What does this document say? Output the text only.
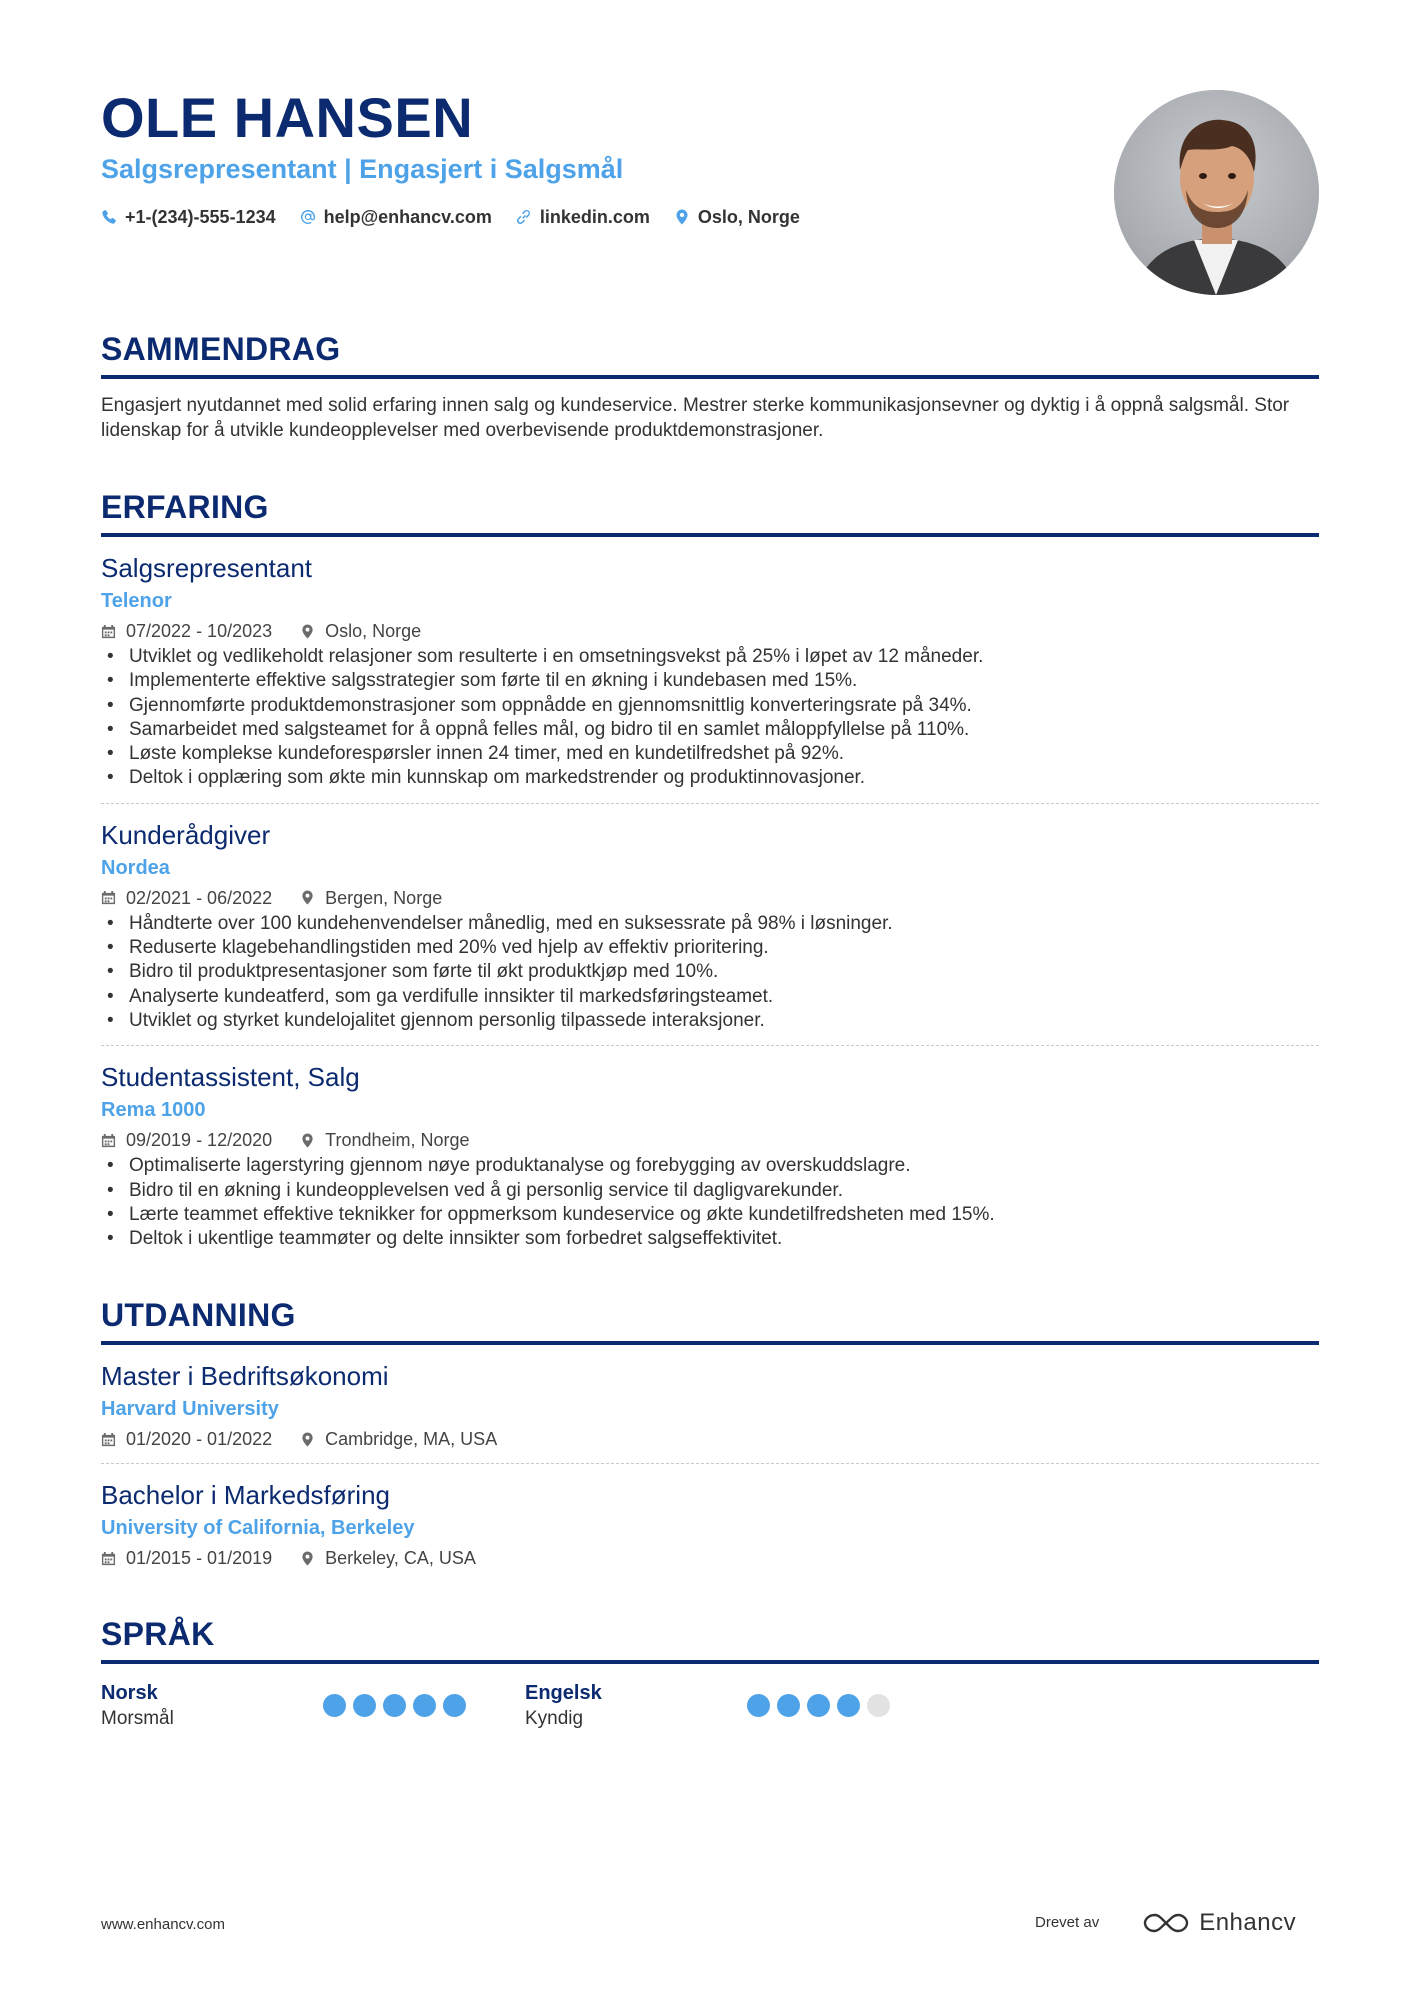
OLE HANSEN
Salgsrepresentant | Engasjert i Salgsmål
+1-(234)-555-1234	help@enhancv.com	linkedin.com	Oslo, Norge
SAMMENDRAG
Engasjert nyutdannet med solid erfaring innen salg og kundeservice. Mestrer sterke kommunikasjonsevner og dyktig i å oppnå salgsmål. Stor lidenskap for å utvikle kundeopplevelser med overbevisende produktdemonstrasjoner.
ERFARING
Salgsrepresentant
Telenor
07/2022 - 10/2023	Oslo, Norge
• Utviklet og vedlikeholdt relasjoner som resulterte i en omsetningsvekst på 25% i løpet av 12 måneder.
• Implementerte effektive salgsstrategier som førte til en økning i kundebasen med 15%.
• Gjennomførte produktdemonstrasjoner som oppnådde en gjennomsnittlig konverteringsrate på 34%.
• Samarbeidet med salgsteamet for å oppnå felles mål, og bidro til en samlet måloppfyllelse på 110%.
• Løste komplekse kundeforespørsler innen 24 timer, med en kundetilfredshet på 92%.
• Deltok i opplæring som økte min kunnskap om markedstrender og produktinnovasjoner.
Kunderådgiver
Nordea
02/2021 - 06/2022	Bergen, Norge
• Håndterte over 100 kundehenvendelser månedlig, med en suksessrate på 98% i løsninger.
• Reduserte klagebehandlingstiden med 20% ved hjelp av effektiv prioritering.
• Bidro til produktpresentasjoner som førte til økt produktkjøp med 10%.
• Analyserte kundeatferd, som ga verdifulle innsikter til markedsføringsteamet.
• Utviklet og styrket kundelojalitet gjennom personlig tilpassede interaksjoner.
Studentassistent, Salg
Rema 1000
09/2019 - 12/2020	Trondheim, Norge
• Optimaliserte lagerstyring gjennom nøye produktanalyse og forebygging av overskuddslagre.
• Bidro til en økning i kundeopplevelsen ved å gi personlig service til dagligvarekunder.
• Lærte teammet effektive teknikker for oppmerksom kundeservice og økte kundetilfredsheten med 15%.
• Deltok i ukentlige teammøter og delte innsikter som forbedret salgseffektivitet.
UTDANNING
Master i Bedriftsøkonomi
Harvard University
01/2020 - 01/2022	Cambridge, MA, USA
Bachelor i Markedsføring
University of California, Berkeley
01/2015 - 01/2019	Berkeley, CA, USA
SPRÅK
Norsk
Morsmål
Engelsk
Kyndig
www.enhancv.com	Drevet av	Enhancv
